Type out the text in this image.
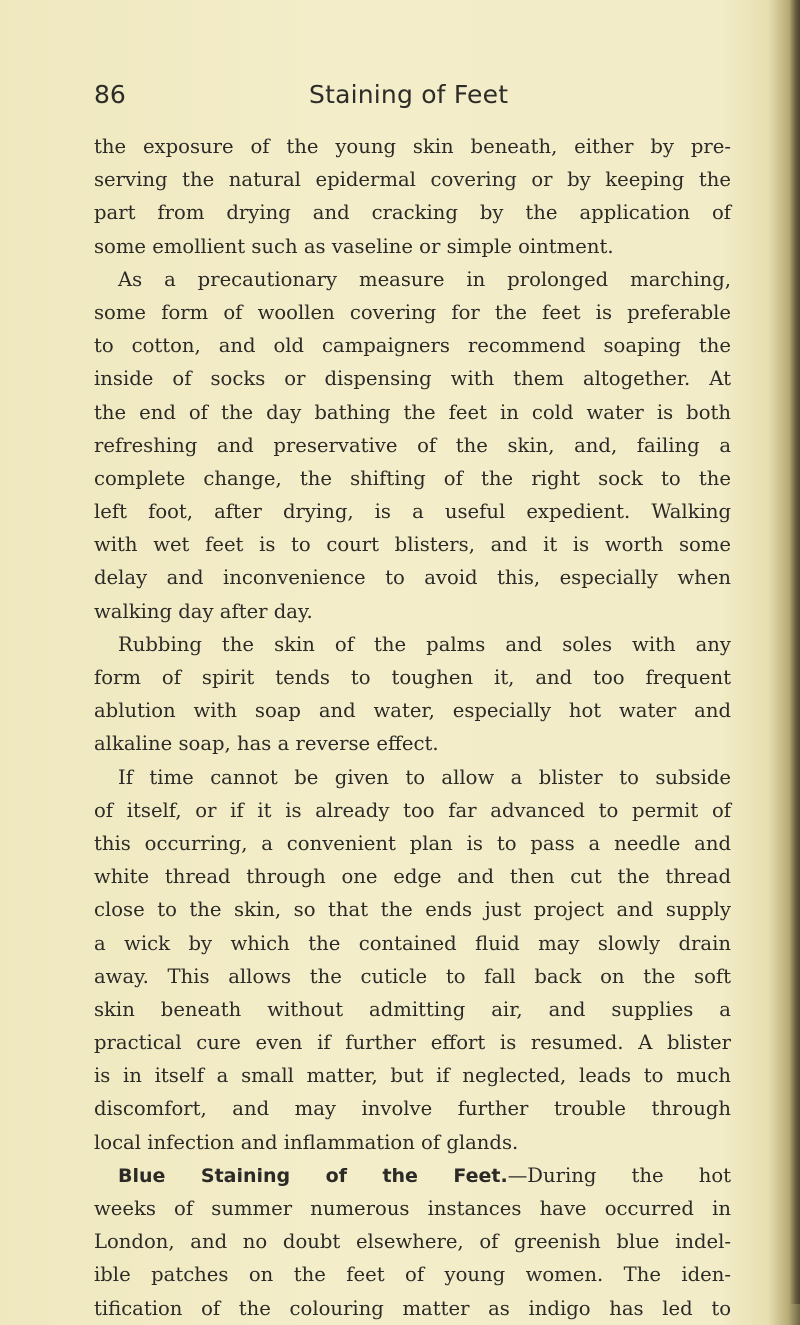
86	Staining of Feet
the exposure of the young skin beneath, either by pre-
serving the natural epidermal covering or by keeping the
part from drying and cracking by the application of
some emollient such as vaseline or simple ointment.
As a precautionary measure in prolonged marching,
some form of woollen covering for the feet is preferable
to cotton, and old campaigners recommend soaping the
inside of socks or dispensing with them altogether. At
the end of the day bathing the feet in cold water is both
refreshing and preservative of the skin, and, failing a
complete change, the shifting of the right sock to the
left foot, after drying, is a useful expedient. Walking
with wet feet is to court blisters, and it is worth some
delay and inconvenience to avoid this, especially when
walking day after day.
Rubbing the skin of the palms and soles with any
form of spirit tends to toughen it, and too frequent
ablution with soap and water, especially hot water and
alkaline soap, has a reverse effect.
If time cannot be given to allow a blister to subside
of itself, or if it is already too far advanced to permit of
this occurring, a convenient plan is to pass a needle and
white thread through one edge and then cut the thread
close to the skin, so that the ends just project and supply
a wick by which the contained fluid may slowly drain
away. This allows the cuticle to fall back on the soft
skin beneath without admitting air, and supplies a
practical cure even if further effort is resumed. A blister
is in itself a small matter, but if neglected, leads to much
discomfort, and may involve further trouble through
local infection and inflammation of glands.
Blue Staining of the Feet.—During the hot
weeks of summer numerous instances have occurred in
London, and no doubt elsewhere, of greenish blue indel-
ible patches on the feet of young women. The iden-
tification of the colouring matter as indigo has led to
